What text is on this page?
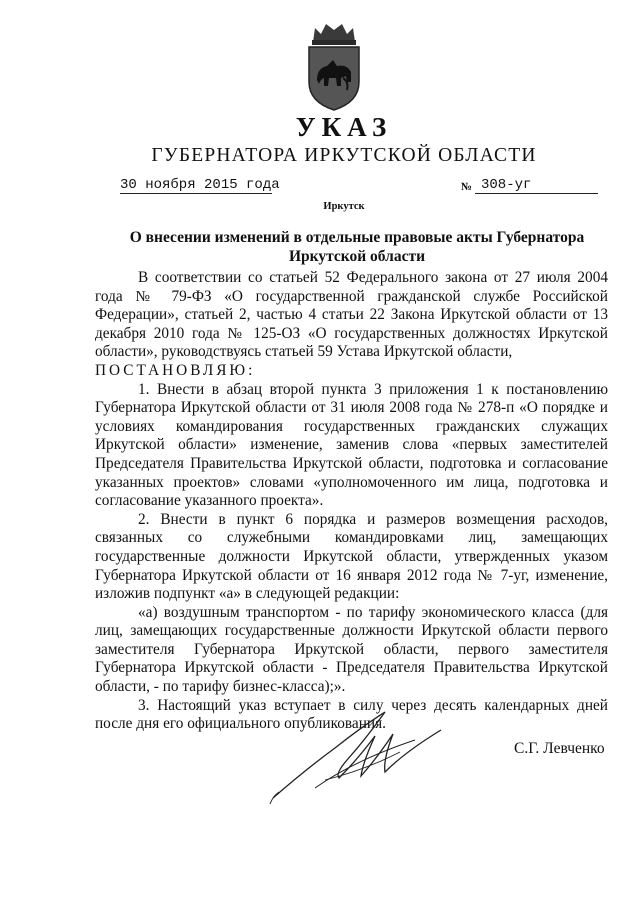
УКАЗ
ГУБЕРНАТОРА ИРКУТСКОЙ ОБЛАСТИ
30 ноября 2015 года	№ 308-уг
Иркутск
О внесении изменений в отдельные правовые акты Губернатора Иркутской области

В соответствии со статьей 52 Федерального закона от 27 июля 2004 года № 79-ФЗ «О государственной гражданской службе Российской Федерации», статьей 2, частью 4 статьи 22 Закона Иркутской области от 13 декабря 2010 года № 125-ОЗ «О государственных должностях Иркутской области», руководствуясь статьей 59 Устава Иркутской области,

ПОСТАНОВЛЯЮ:

1. Внести в абзац второй пункта 3 приложения 1 к постановлению Губернатора Иркутской области от 31 июля 2008 года № 278-п «О порядке и условиях командирования государственных гражданских служащих Иркутской области» изменение, заменив слова «первых заместителей Председателя Правительства Иркутской области, подготовка и согласование указанных проектов» словами «уполномоченного им лица, подготовка и согласование указанного проекта».

2. Внести в пункт 6 порядка и размеров возмещения расходов, связанных со служебными командировками лиц, замещающих государственные должности Иркутской области, утвержденных указом Губернатора Иркутской области от 16 января 2012 года № 7-уг, изменение, изложив подпункт «а» в следующей редакции:

«а) воздушным транспортом - по тарифу экономического класса (для лиц, замещающих государственные должности Иркутской области первого заместителя Губернатора Иркутской области, первого заместителя Губернатора Иркутской области - Председателя Правительства Иркутской области, - по тарифу бизнес-класса);».

3. Настоящий указ вступает в силу через десять календарных дней после дня его официального опубликования.

С.Г. Левченко
